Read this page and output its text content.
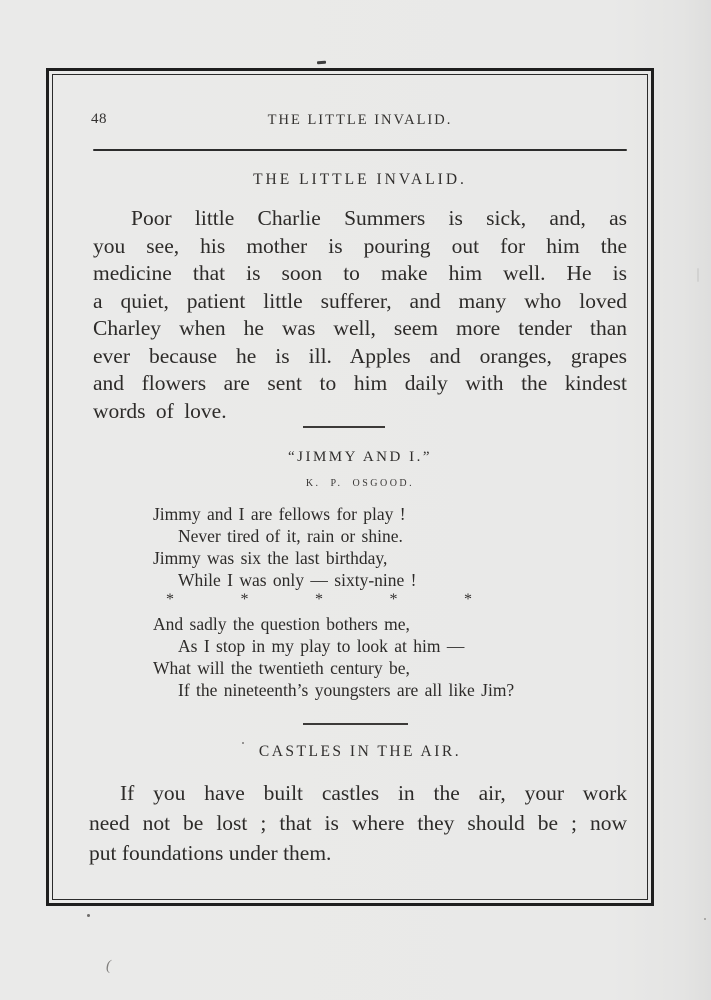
48	THE LITTLE INVALID.
THE LITTLE INVALID.
Poor little Charlie Summers is sick, and, as
you see, his mother is pouring out for him the
medicine that is soon to make him well. He is
a quiet, patient little sufferer, and many who loved
Charley when he was well, seem more tender than
ever because he is ill. Apples and oranges, grapes
and flowers are sent to him daily with the kindest
words of love.
“JIMMY AND I.”
K. P. OSGOOD.
Jimmy and I are fellows for play !
Never tired of it, rain or shine.
Jimmy was six the last birthday,
While I was only — sixty-nine !
*	*	*	*	*
And sadly the question bothers me,
As I stop in my play to look at him —
What will the twentieth century be,
If the nineteenth’s youngsters are all like Jim?
CASTLES IN THE AIR.
If you have built castles in the air, your work
need not be lost ; that is where they should be ; now
put foundations under them.
(
